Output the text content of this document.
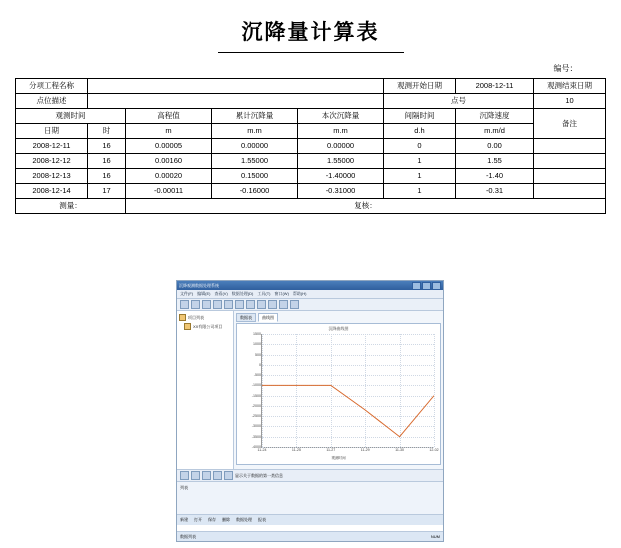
沉降量计算表
编号：
分项工程名称					观测开始日期	2008-12-11	观测结束日期
点位描述					点号		10
观测时间		高程值	累计沉降量	本次沉降量	间隔时间	沉降速度	备注
日期	时	m	m.m	m.m	d.h	m.m/d	
2008-12-11	16	0.00005	0.00000	0.00000	0	0.00	
2008-12-12	16	0.00160	1.55000	1.55000	1	1.55	
2008-12-13	16	0.00020	0.15000	-1.40000	1	-1.40	
2008-12-14	17	-0.00011	-0.16000	-0.31000	1	-0.31	
测量：		复核：					
沉降观测数据处理系统
文件(F) 编辑(E) 查看(V) 数据处理(D) 工具(T) 窗口(W) 帮助(H)
项目列表
XX有限公司项目
数据表	曲线图
沉降曲线图
1500
1000
500
0
-500
-1000
-1500
-2000
-2500
-3000
-3500
-4000
11-24	11-25	11-27	11-29	11-30	12-02
观测时间
显示关于数据的第一类信息
列表
新建 打开 保存 删除 数据处理 报表
数据列表	NUM
